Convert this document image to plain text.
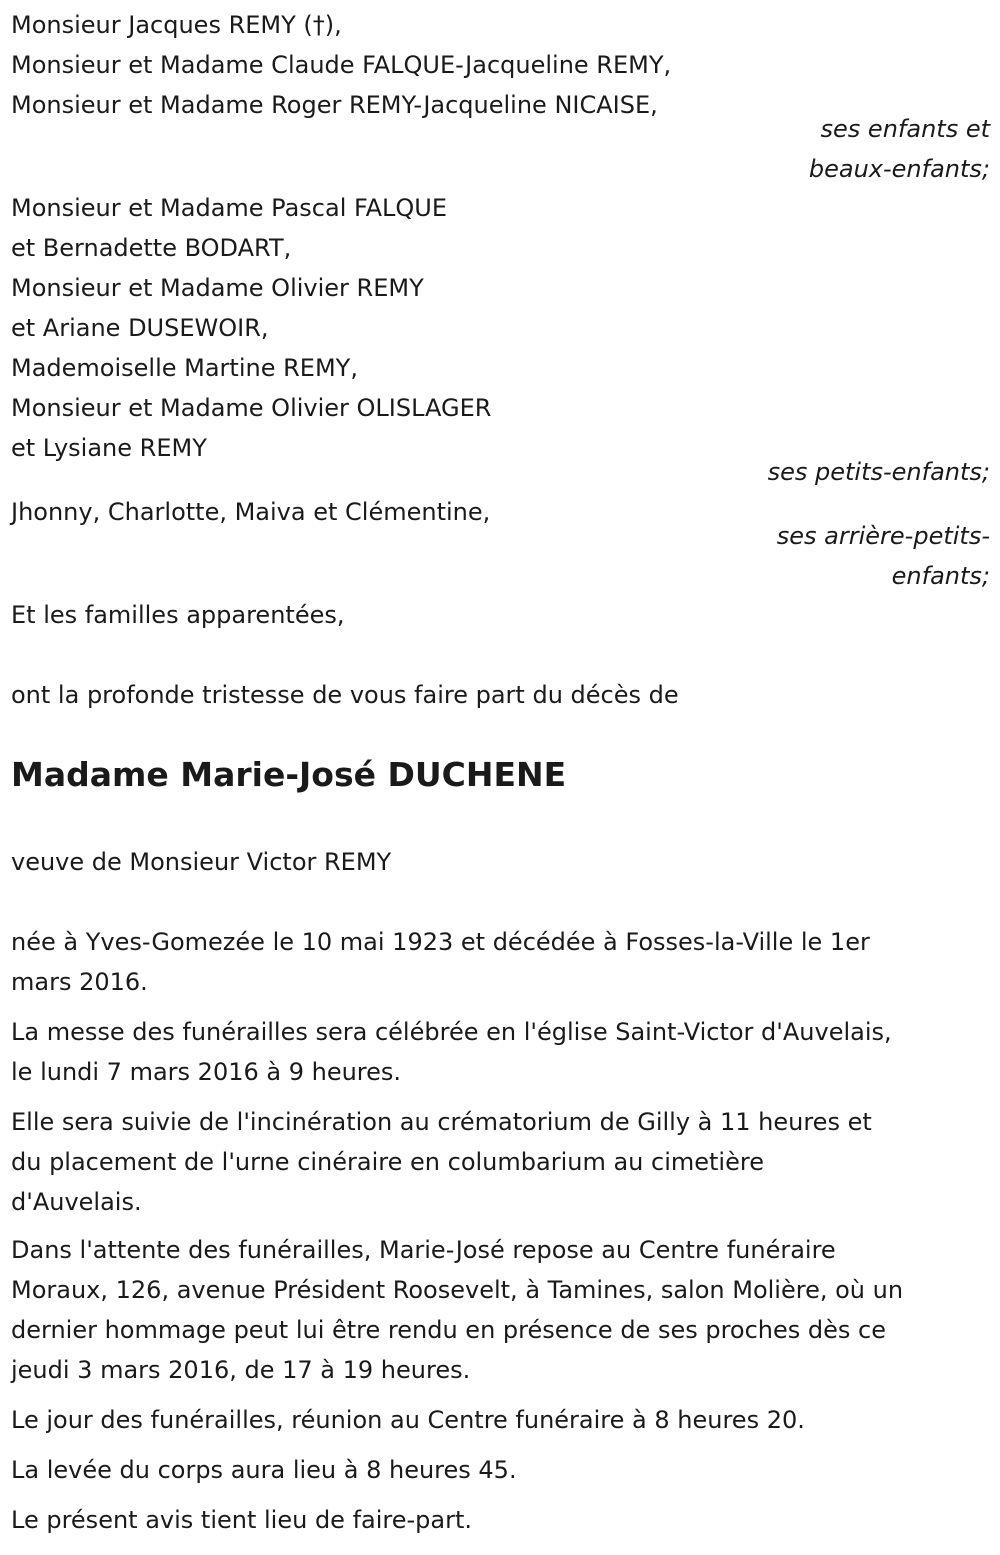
Monsieur Jacques REMY (†),
Monsieur et Madame Claude FALQUE-Jacqueline REMY,
Monsieur et Madame Roger REMY-Jacqueline NICAISE,
ses enfants et
beaux-enfants;
Monsieur et Madame Pascal FALQUE
et Bernadette BODART,
Monsieur et Madame Olivier REMY
et Ariane DUSEWOIR,
Mademoiselle Martine REMY,
Monsieur et Madame Olivier OLISLAGER
et Lysiane REMY
ses petits-enfants;
Jhonny, Charlotte, Maiva et Clémentine,
ses arrière-petits-
enfants;
Et les familles apparentées,
ont la profonde tristesse de vous faire part du décès de
Madame Marie-José DUCHENE
veuve de Monsieur Victor REMY
née à Yves-Gomezée le 10 mai 1923 et décédée à Fosses-la-Ville le 1er
mars 2016.
La messe des funérailles sera célébrée en l'église Saint-Victor d'Auvelais,
le lundi 7 mars 2016 à 9 heures.
Elle sera suivie de l'incinération au crématorium de Gilly à 11 heures et
du placement de l'urne cinéraire en columbarium au cimetière
d'Auvelais.
Dans l'attente des funérailles, Marie-José repose au Centre funéraire
Moraux, 126, avenue Président Roosevelt, à Tamines, salon Molière, où un
dernier hommage peut lui être rendu en présence de ses proches dès ce
jeudi 3 mars 2016, de 17 à 19 heures.
Le jour des funérailles, réunion au Centre funéraire à 8 heures 20.
La levée du corps aura lieu à 8 heures 45.
Le présent avis tient lieu de faire-part.
